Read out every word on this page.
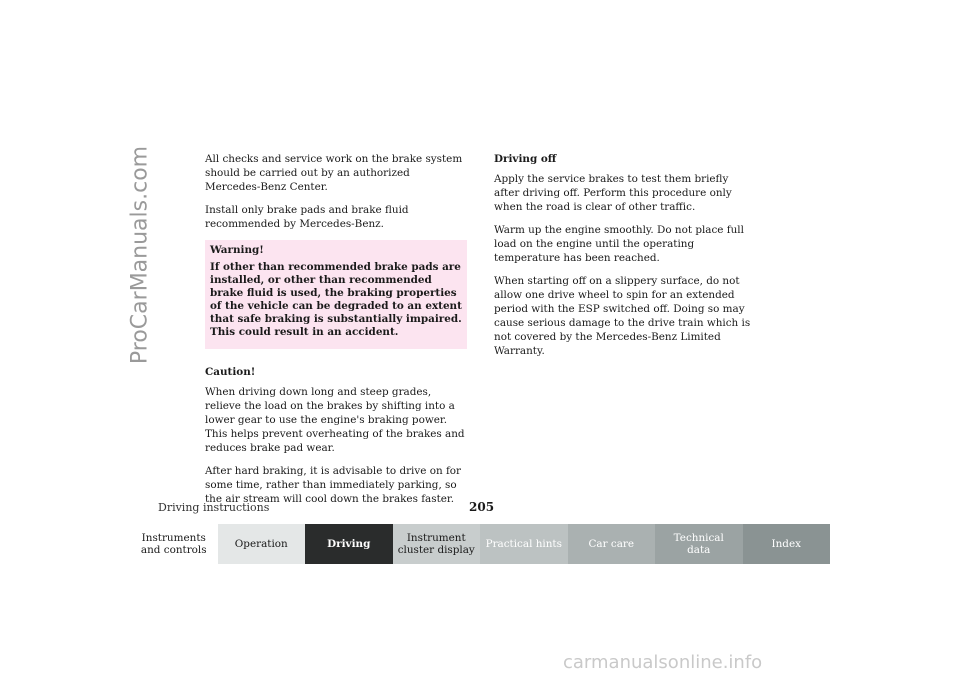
ProCarManuals.com	All checks and service work on the brake system should be carried out by an authorized Mercedes-Benz Center.

Install only brake pads and brake fluid recommended by Mercedes-Benz.

Warning!
If other than recommended brake pads are installed, or other than recommended brake fluid is used, the braking properties of the vehicle can be degraded to an extent that safe braking is substantially impaired. This could result in an accident.

Caution!

When driving down long and steep grades, relieve the load on the brakes by shifting into a lower gear to use the engine's braking power. This helps prevent overheating of the brakes and reduces brake pad wear.

After hard braking, it is advisable to drive on for some time, rather than immediately parking, so the air stream will cool down the brakes faster.

Driving off

Apply the service brakes to test them briefly after driving off. Perform this procedure only when the road is clear of other traffic.

Warm up the engine smoothly. Do not place full load on the engine until the operating temperature has been reached.

When starting off on a slippery surface, do not allow one drive wheel to spin for an extended period with the ESP switched off. Doing so may cause serious damage to the drive train which is not covered by the Mercedes-Benz Limited Warranty.

Driving instructions	205
Instruments
and controls	Operation	Driving	Instrument
cluster display	Practical hints	Car care	Technical
data	Index
carmanualsonline.info
